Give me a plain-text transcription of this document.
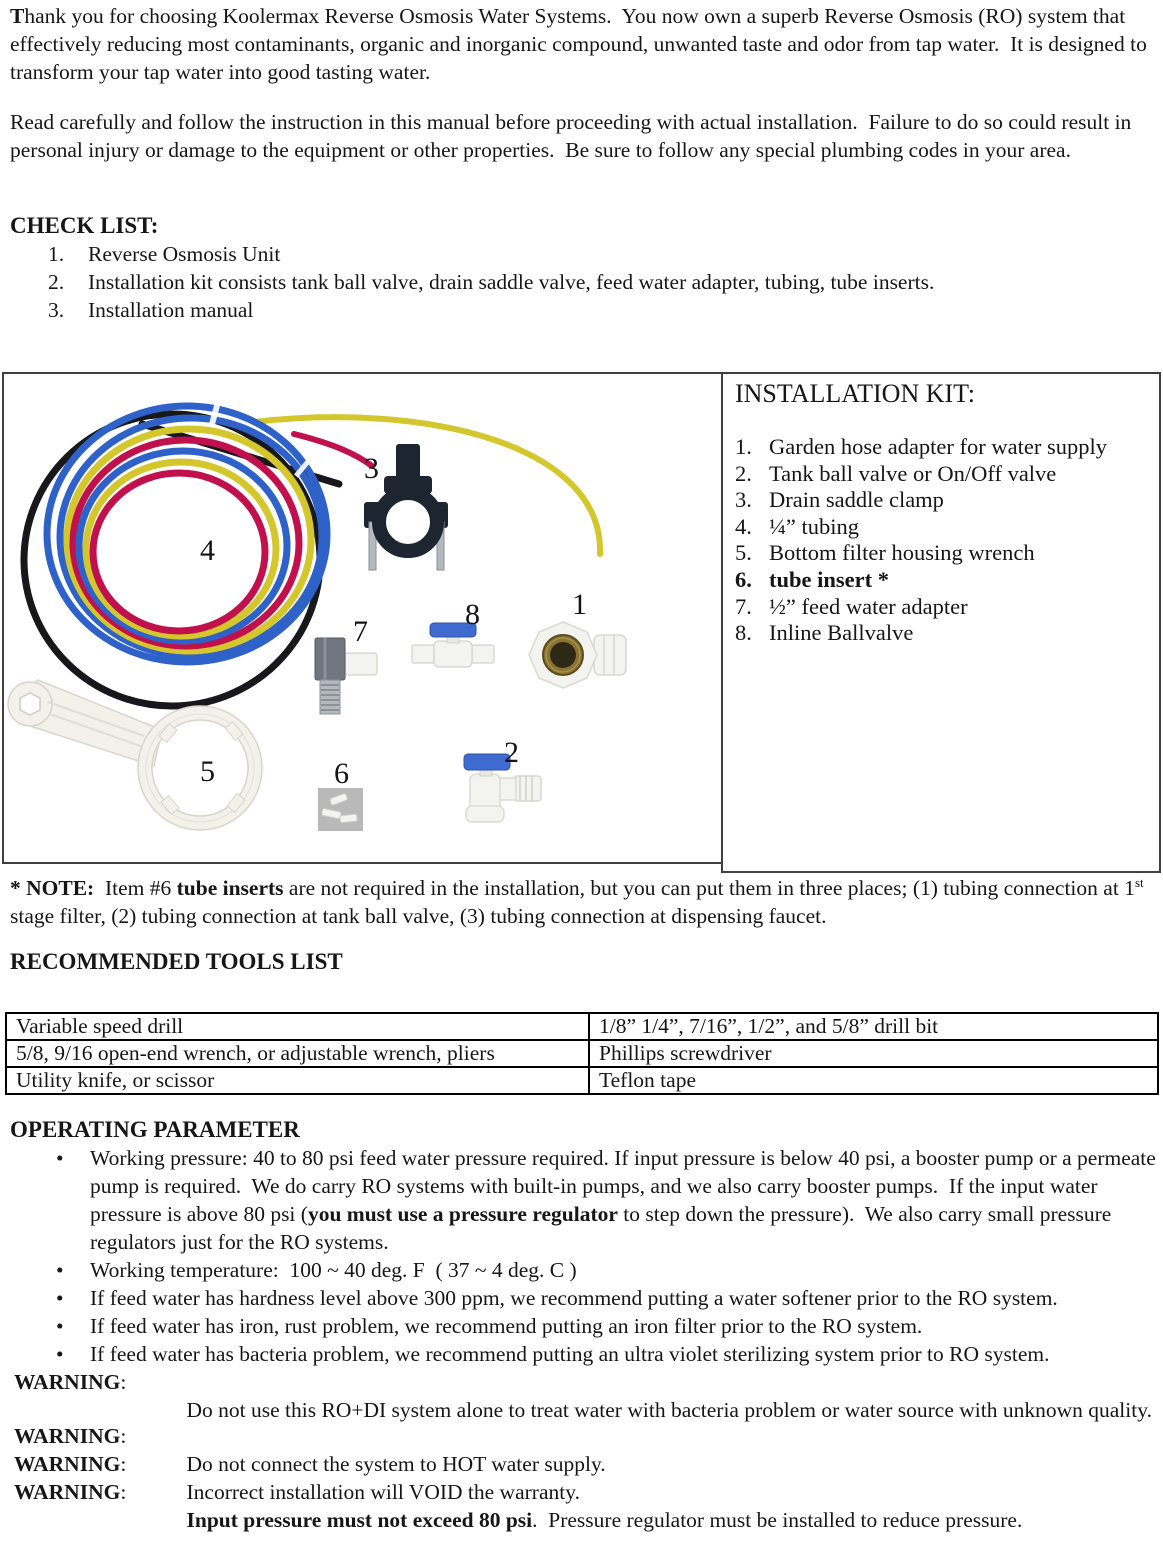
Thank you for choosing Koolermax Reverse Osmosis Water Systems.  You now own a superb Reverse Osmosis (RO) system that effectively reducing most contaminants, organic and inorganic compound, unwanted taste and odor from tap water.  It is designed to transform your tap water into good tasting water.
Read carefully and follow the instruction in this manual before proceeding with actual installation.  Failure to do so could result in personal injury or damage to the equipment or other properties.  Be sure to follow any special plumbing codes in your area.
CHECK LIST:
1. Reverse Osmosis Unit
2. Installation kit consists tank ball valve, drain saddle valve, feed water adapter, tubing, tube inserts.
3. Installation manual
1
2
3
4
5	6
7
8
INSTALLATION KIT:
1. Garden hose adapter for water supply
2. Tank ball valve or On/Off valve
3. Drain saddle clamp
4. ¼” tubing
5. Bottom filter housing wrench
6. tube insert *
7. ½” feed water adapter
8. Inline Ballvalve
* NOTE:  Item #6 tube inserts are not required in the installation, but you can put them in three places; (1) tubing connection at 1st stage filter, (2) tubing connection at tank ball valve, (3) tubing connection at dispensing faucet.
RECOMMENDED TOOLS LIST
Variable speed drill	1/8” 1/4”, 7/16”, 1/2”, and 5/8” drill bit
5/8, 9/16 open-end wrench, or adjustable wrench, pliers	Phillips screwdriver
Utility knife, or scissor	Teflon tape
OPERATING PARAMETER
• Working pressure: 40 to 80 psi feed water pressure required. If input pressure is below 40 psi, a booster pump or a permeate pump is required.  We do carry RO systems with built-in pumps, and we also carry booster pumps.  If the input water pressure is above 80 psi (you must use a pressure regulator to step down the pressure).  We also carry small pressure regulators just for the RO systems.
• Working temperature:  100 ~ 40 deg. F  ( 37 ~ 4 deg. C )
• If feed water has hardness level above 300 ppm, we recommend putting a water softener prior to the RO system.
• If feed water has iron, rust problem, we recommend putting an iron filter prior to the RO system.
• If feed water has bacteria problem, we recommend putting an ultra violet sterilizing system prior to RO system.

WARNING:
Do not use this RO+DI system alone to treat water with bacteria problem or water source with unknown quality.

WARNING:
Do not connect the system to HOT water supply.

WARNING:
Incorrect installation will VOID the warranty.

WARNING:
Input pressure must not exceed 80 psi.  Pressure regulator must be installed to reduce pressure.
